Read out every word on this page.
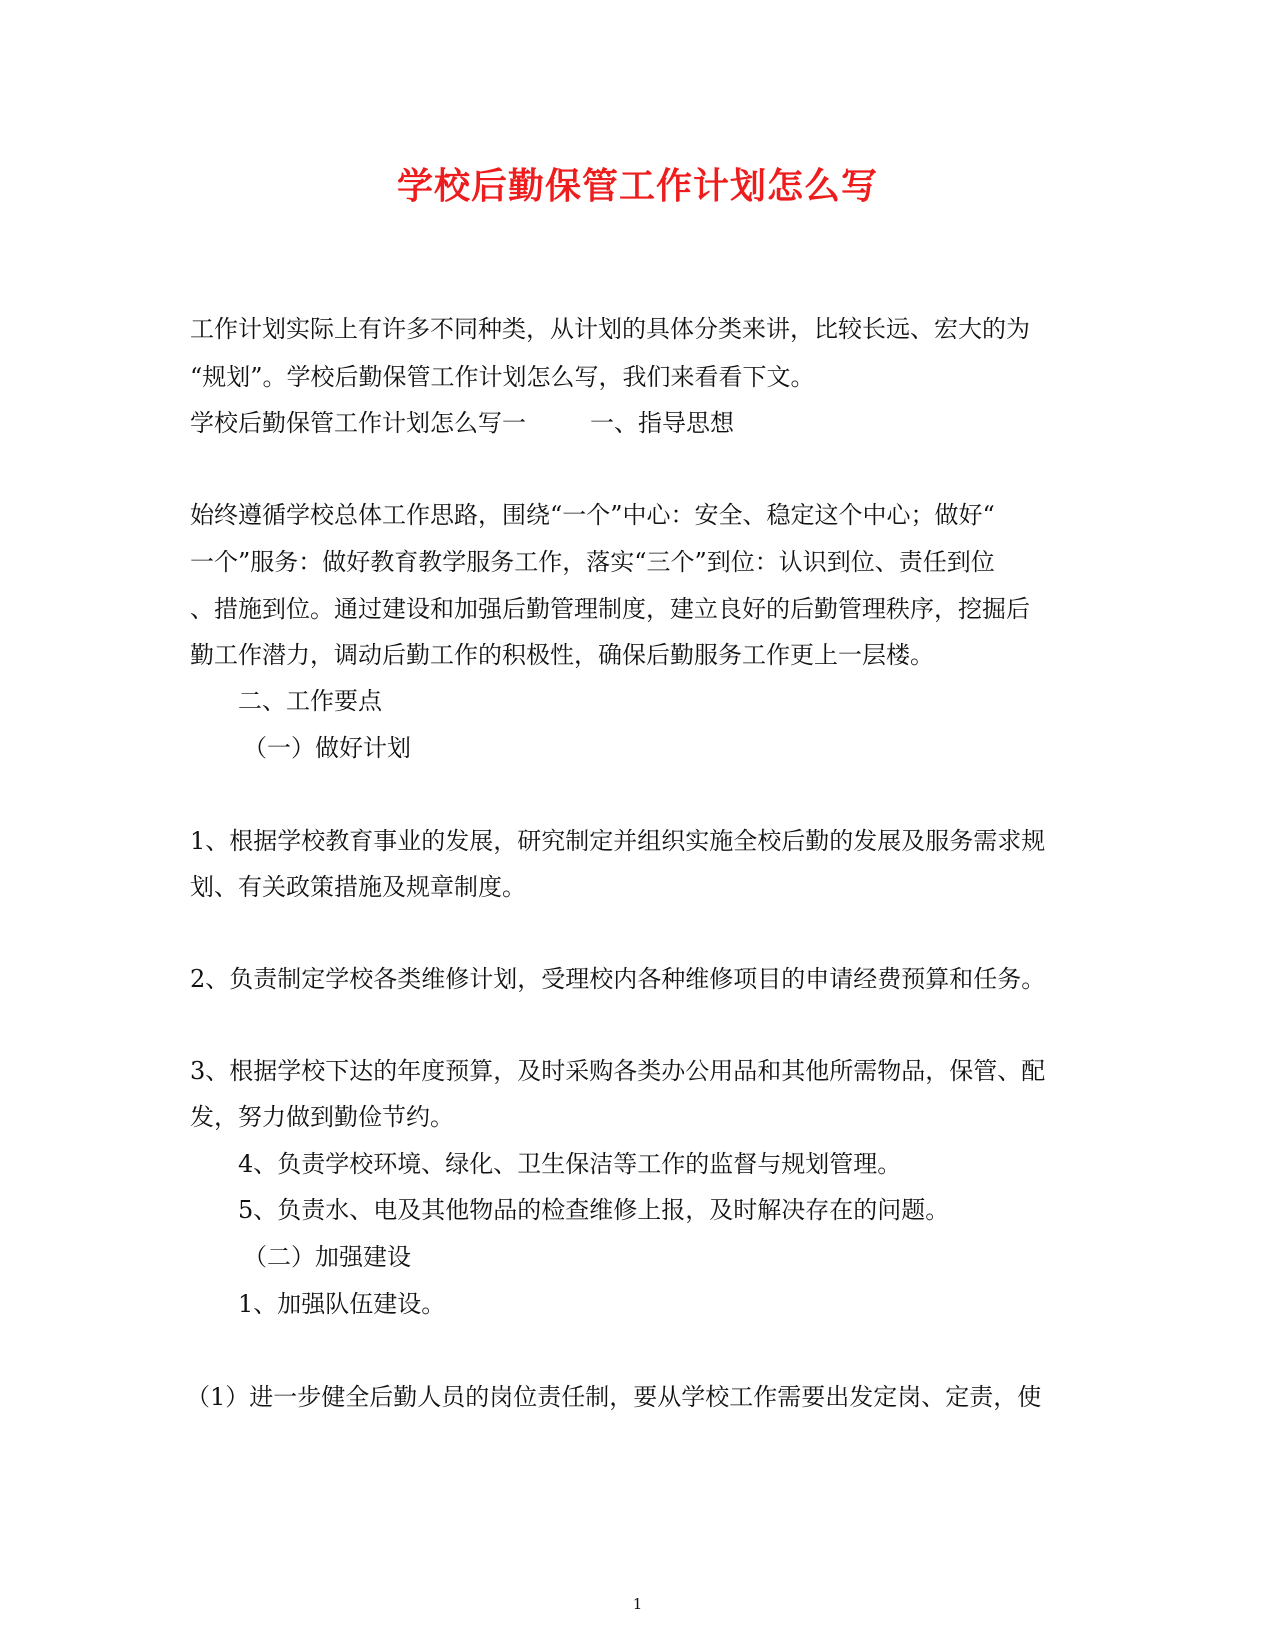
学校后勤保管工作计划怎么写
工作计划实际上有许多不同种类，从计划的具体分类来讲，比较长远、宏大的为
“规划”。学校后勤保管工作计划怎么写，我们来看看下文。
学校后勤保管工作计划怎么写一	一、指导思想
始终遵循学校总体工作思路，围绕“一个”中心：安全、稳定这个中心；做好“
一个”服务：做好教育教学服务工作，落实“三个”到位：认识到位、责任到位
、措施到位。通过建设和加强后勤管理制度，建立良好的后勤管理秩序，挖掘后
勤工作潜力，调动后勤工作的积极性，确保后勤服务工作更上一层楼。
二、工作要点
（一）做好计划
1、根据学校教育事业的发展，研究制定并组织实施全校后勤的发展及服务需求规
划、有关政策措施及规章制度。
2、负责制定学校各类维修计划，受理校内各种维修项目的申请经费预算和任务。
3、根据学校下达的年度预算，及时采购各类办公用品和其他所需物品，保管、配
发，努力做到勤俭节约。
4、负责学校环境、绿化、卫生保洁等工作的监督与规划管理。
5、负责水、电及其他物品的检查维修上报，及时解决存在的问题。
（二）加强建设
1、加强队伍建设。
（1）进一步健全后勤人员的岗位责任制，要从学校工作需要出发定岗、定责，使
1
